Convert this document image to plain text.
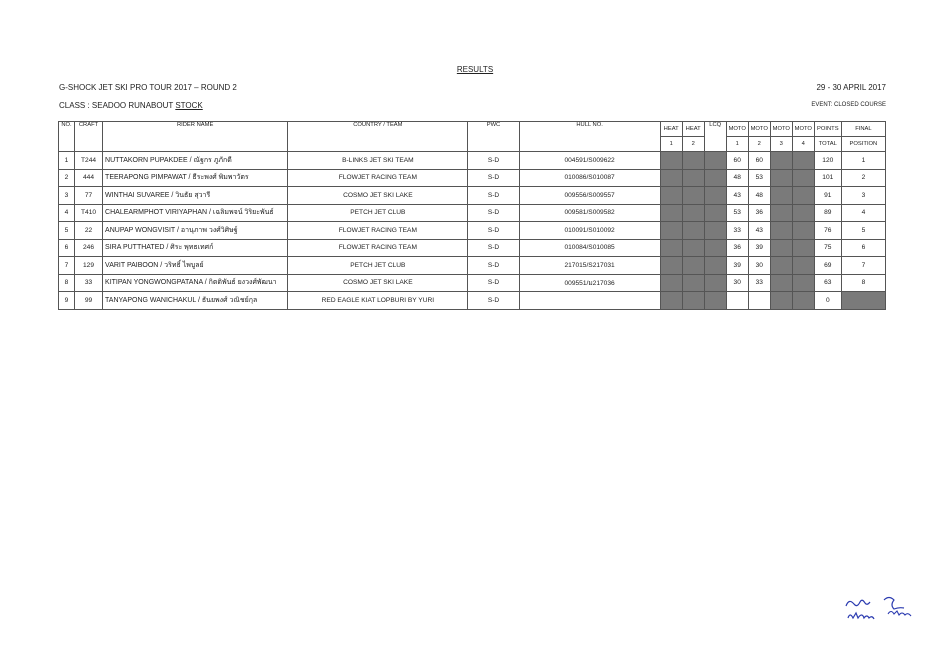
RESULTS
G-SHOCK JET SKI PRO TOUR 2017 – ROUND 2	29 - 30 APRIL 2017
CLASS : SEADOO RUNABOUT STOCK	EVENT: CLOSED COURSE
NO.	CRAFT	RIDER NAME	COUNTRY / TEAM	PWC	HULL NO.	HEAT	HEAT	LCQ	MOTO	MOTO	MOTO	MOTO	POINTS	FINAL
						1	2		1	2	3	4	TOTAL	POSITION
1	T244	NUTTAKORN PUPAKDEE / ณัฐกร ภูภักดี	B-LINKS JET SKI TEAM	S-D	004591/S009622				60	60			120	1
2	444	TEERAPONG PIMPAWAT / ธีระพงศ์ พิมพาวัตร	FLOWJET RACING TEAM	S-D	010086/S010087				48	53			101	2
3	77	WINTHAI SUVAREE / วินธัย สุวารี	COSMO JET SKI LAKE	S-D	009556/S009557				43	48			91	3
4	T410	CHALEARMPHOT VIRIYAPHAN / เฉลิมพจน์ วิริยะพันธ์	PETCH JET CLUB	S-D	009581/S009582				53	36			89	4
5	22	ANUPAP WONGVISIT / อานุภาพ วงศ์วิศิษฐ์	FLOWJET RACING TEAM	S-D	010091/S010092				33	43			76	5
6	246	SIRA PUTTHATED / ศิระ พุทธเทศก์	FLOWJET RACING TEAM	S-D	010084/S010085				36	39			75	6
7	129	VARIT PAIBOON / วริทธิ์ ไพบูลย์	PETCH JET CLUB	S-D	217015/S217031				39	30			69	7
8	33	KITIPAN YONGWONGPATANA / กิตติพันธ์ ยงวงศ์พัฒนา	COSMO JET SKI LAKE	S-D	009551/ม217036				30	33			63	8
9	99	TANYAPONG WANICHAKUL / ธันยพงศ์ วณิชย์กุล	RED EAGLE KIAT LOPBURI BY YURI	S-D									0	
